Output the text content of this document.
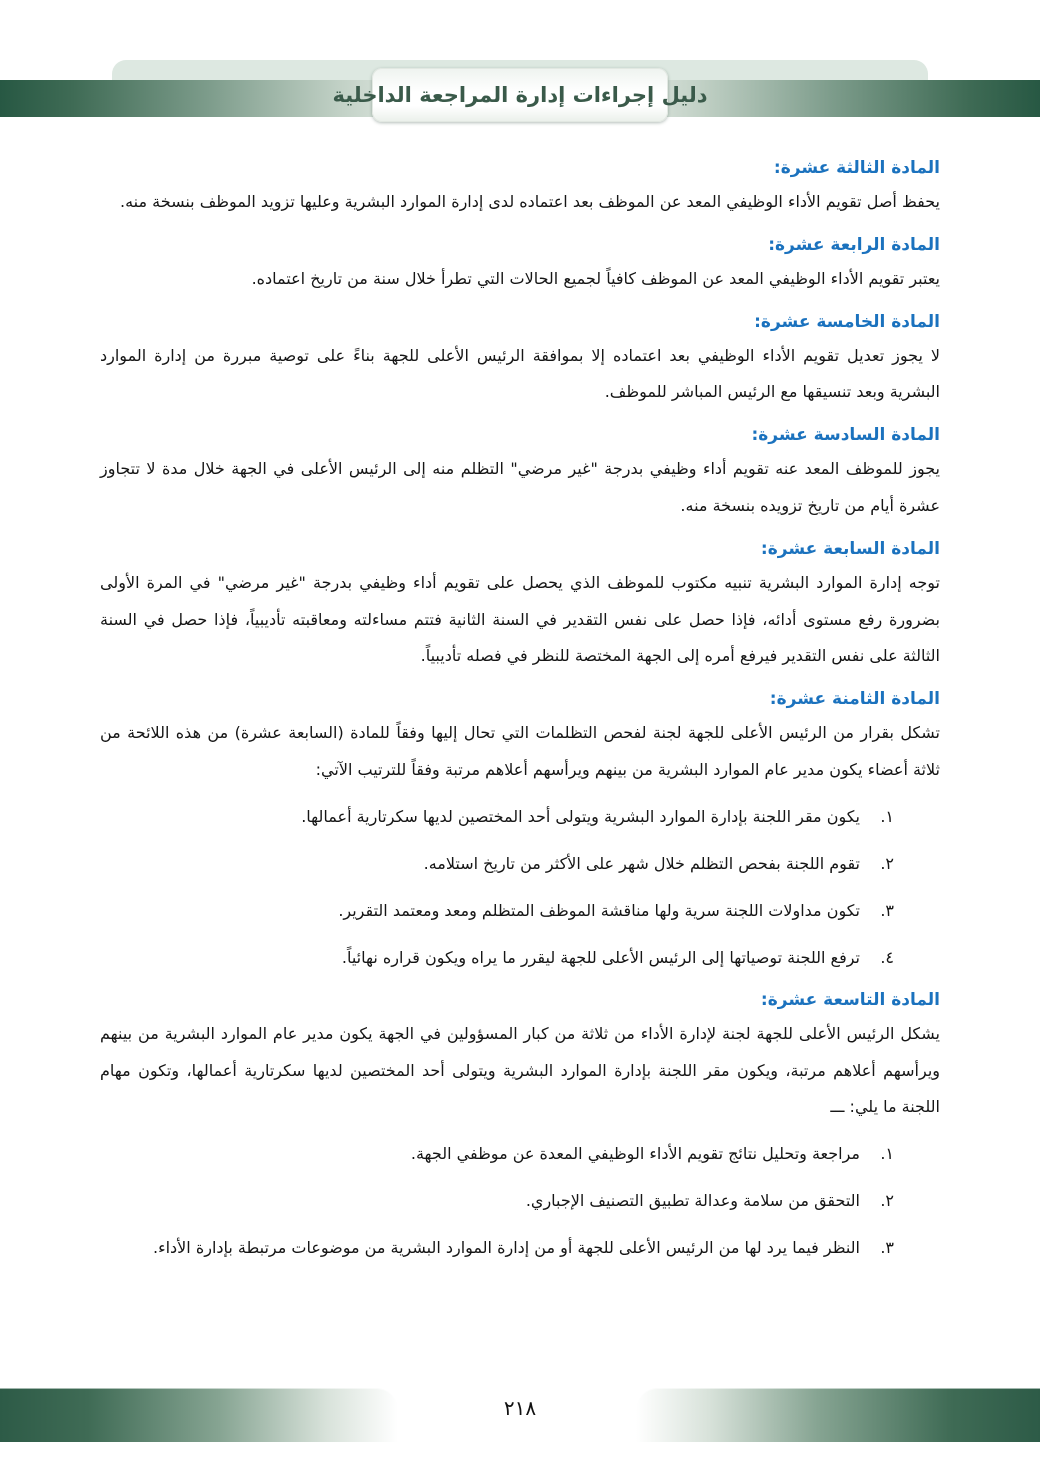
دليل إجراءات إدارة المراجعة الداخلية
المادة الثالثة عشرة:

يحفظ أصل تقويم الأداء الوظيفي المعد عن الموظف بعد اعتماده لدى إدارة الموارد البشرية وعليها تزويد الموظف بنسخة منه.

المادة الرابعة عشرة:

يعتبر تقويم الأداء الوظيفي المعد عن الموظف كافياً لجميع الحالات التي تطرأ خلال سنة من تاريخ اعتماده.

المادة الخامسة عشرة:

لا يجوز تعديل تقويم الأداء الوظيفي بعد اعتماده إلا بموافقة الرئيس الأعلى للجهة بناءً على توصية مبررة من إدارة الموارد البشرية وبعد تنسيقها مع الرئيس المباشر للموظف.

المادة السادسة عشرة:

يجوز للموظف المعد عنه تقويم أداء وظيفي بدرجة "غير مرضي" التظلم منه إلى الرئيس الأعلى في الجهة خلال مدة لا تتجاوز عشرة أيام من تاريخ تزويده بنسخة منه.

المادة السابعة عشرة:

توجه إدارة الموارد البشرية تنبيه مكتوب للموظف الذي يحصل على تقويم أداء وظيفي بدرجة "غير مرضي" في المرة الأولى بضرورة رفع مستوى أدائه، فإذا حصل على نفس التقدير في السنة الثانية فتتم مساءلته ومعاقبته تأديبياً، فإذا حصل في السنة الثالثة على نفس التقدير فيرفع أمره إلى الجهة المختصة للنظر في فصله تأديبياً.

المادة الثامنة عشرة:

تشكل بقرار من الرئيس الأعلى للجهة لجنة لفحص التظلمات التي تحال إليها وفقاً للمادة (السابعة عشرة) من هذه اللائحة من ثلاثة أعضاء يكون مدير عام الموارد البشرية من بينهم ويرأسهم أعلاهم مرتبة وفقاً للترتيب الآتي:

١.
يكون مقر اللجنة بإدارة الموارد البشرية ويتولى أحد المختصين لديها سكرتارية أعمالها.
٢.
تقوم اللجنة بفحص التظلم خلال شهر على الأكثر من تاريخ استلامه.
٣.
تكون مداولات اللجنة سرية ولها مناقشة الموظف المتظلم ومعد ومعتمد التقرير.
٤.
ترفع اللجنة توصياتها إلى الرئيس الأعلى للجهة ليقرر ما يراه ويكون قراره نهائياً.
المادة التاسعة عشرة:

يشكل الرئيس الأعلى للجهة لجنة لإدارة الأداء من ثلاثة من كبار المسؤولين في الجهة يكون مدير عام الموارد البشرية من بينهم ويرأسهم أعلاهم مرتبة، ويكون مقر اللجنة بإدارة الموارد البشرية ويتولى أحد المختصين لديها سكرتارية أعمالها، وتكون مهام اللجنة ما يلي: ـــ

١.
مراجعة وتحليل نتائج تقويم الأداء الوظيفي المعدة عن موظفي الجهة.
٢.
التحقق من سلامة وعدالة تطبيق التصنيف الإجباري.
٣.
النظر فيما يرد لها من الرئيس الأعلى للجهة أو من إدارة الموارد البشرية من موضوعات مرتبطة بإدارة الأداء.
٢١٨
